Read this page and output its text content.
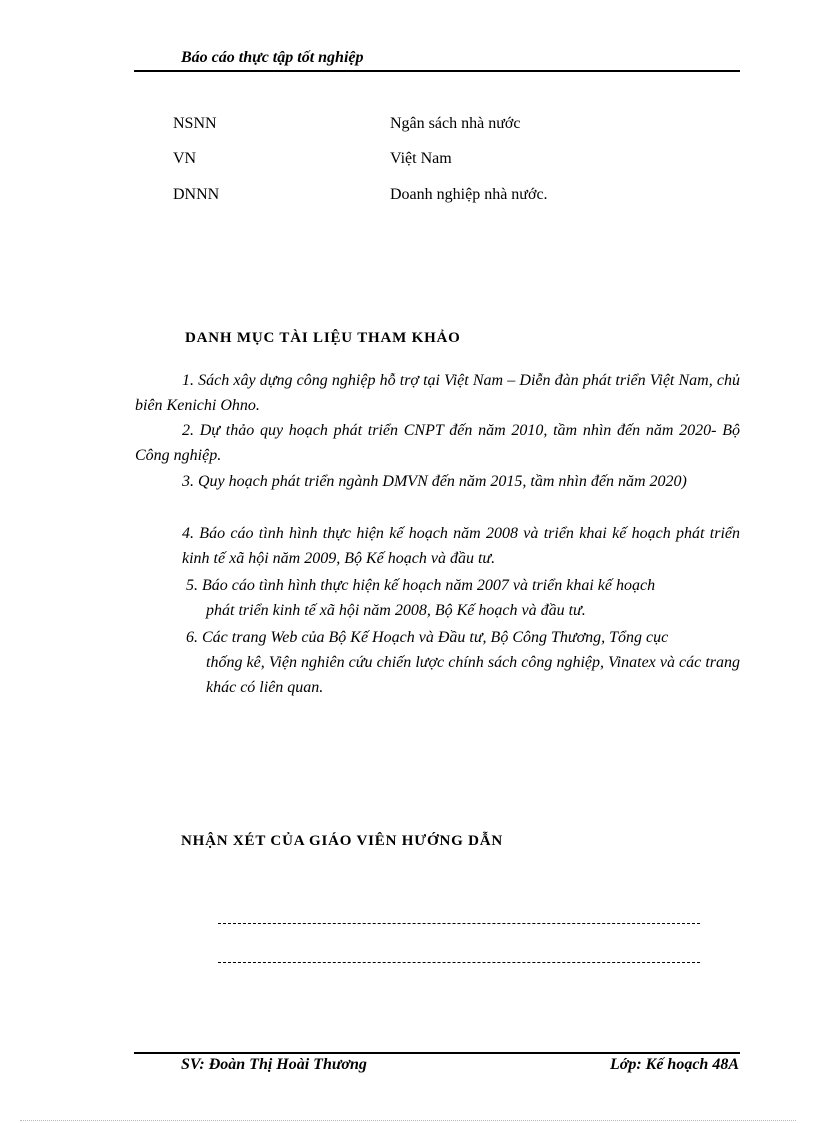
Báo cáo thực tập tốt nghiệp
NSNN	Ngân sách nhà nước
VN	Việt Nam
DNNN	Doanh nghiệp nhà nước.
DANH MỤC TÀI LIỆU THAM KHẢO
1. Sách xây dựng công nghiệp hỗ trợ tại Việt Nam – Diễn đàn phát triển Việt Nam, chủ biên Kenichi Ohno.
2. Dự thảo quy hoạch phát triển CNPT đến năm 2010, tầm nhìn đến năm 2020- Bộ Công nghiệp.
3. Quy hoạch phát triển ngành DMVN đến năm 2015, tầm nhìn đến năm 2020)
4. Báo cáo tình hình thực hiện kế hoạch năm 2008 và triển khai kế hoạch phát triển kinh tế xã hội năm 2009, Bộ Kế hoạch và đầu tư.
5. Báo cáo tình hình thực hiện kế hoạch năm 2007 và triển khai kế hoạch
phát triển kinh tế xã hội năm 2008, Bộ Kế hoạch và đầu tư.
6. Các trang Web của Bộ Kế Hoạch và Đầu tư, Bộ Công Thương, Tổng cục
thống kê, Viện nghiên cứu chiến lược chính sách công nghiệp, Vinatex và các trang khác có liên quan.
NHẬN XÉT CỦA GIÁO VIÊN HƯỚNG DẪN
SV: Đoàn Thị Hoài Thương	Lớp: Kế hoạch 48A
